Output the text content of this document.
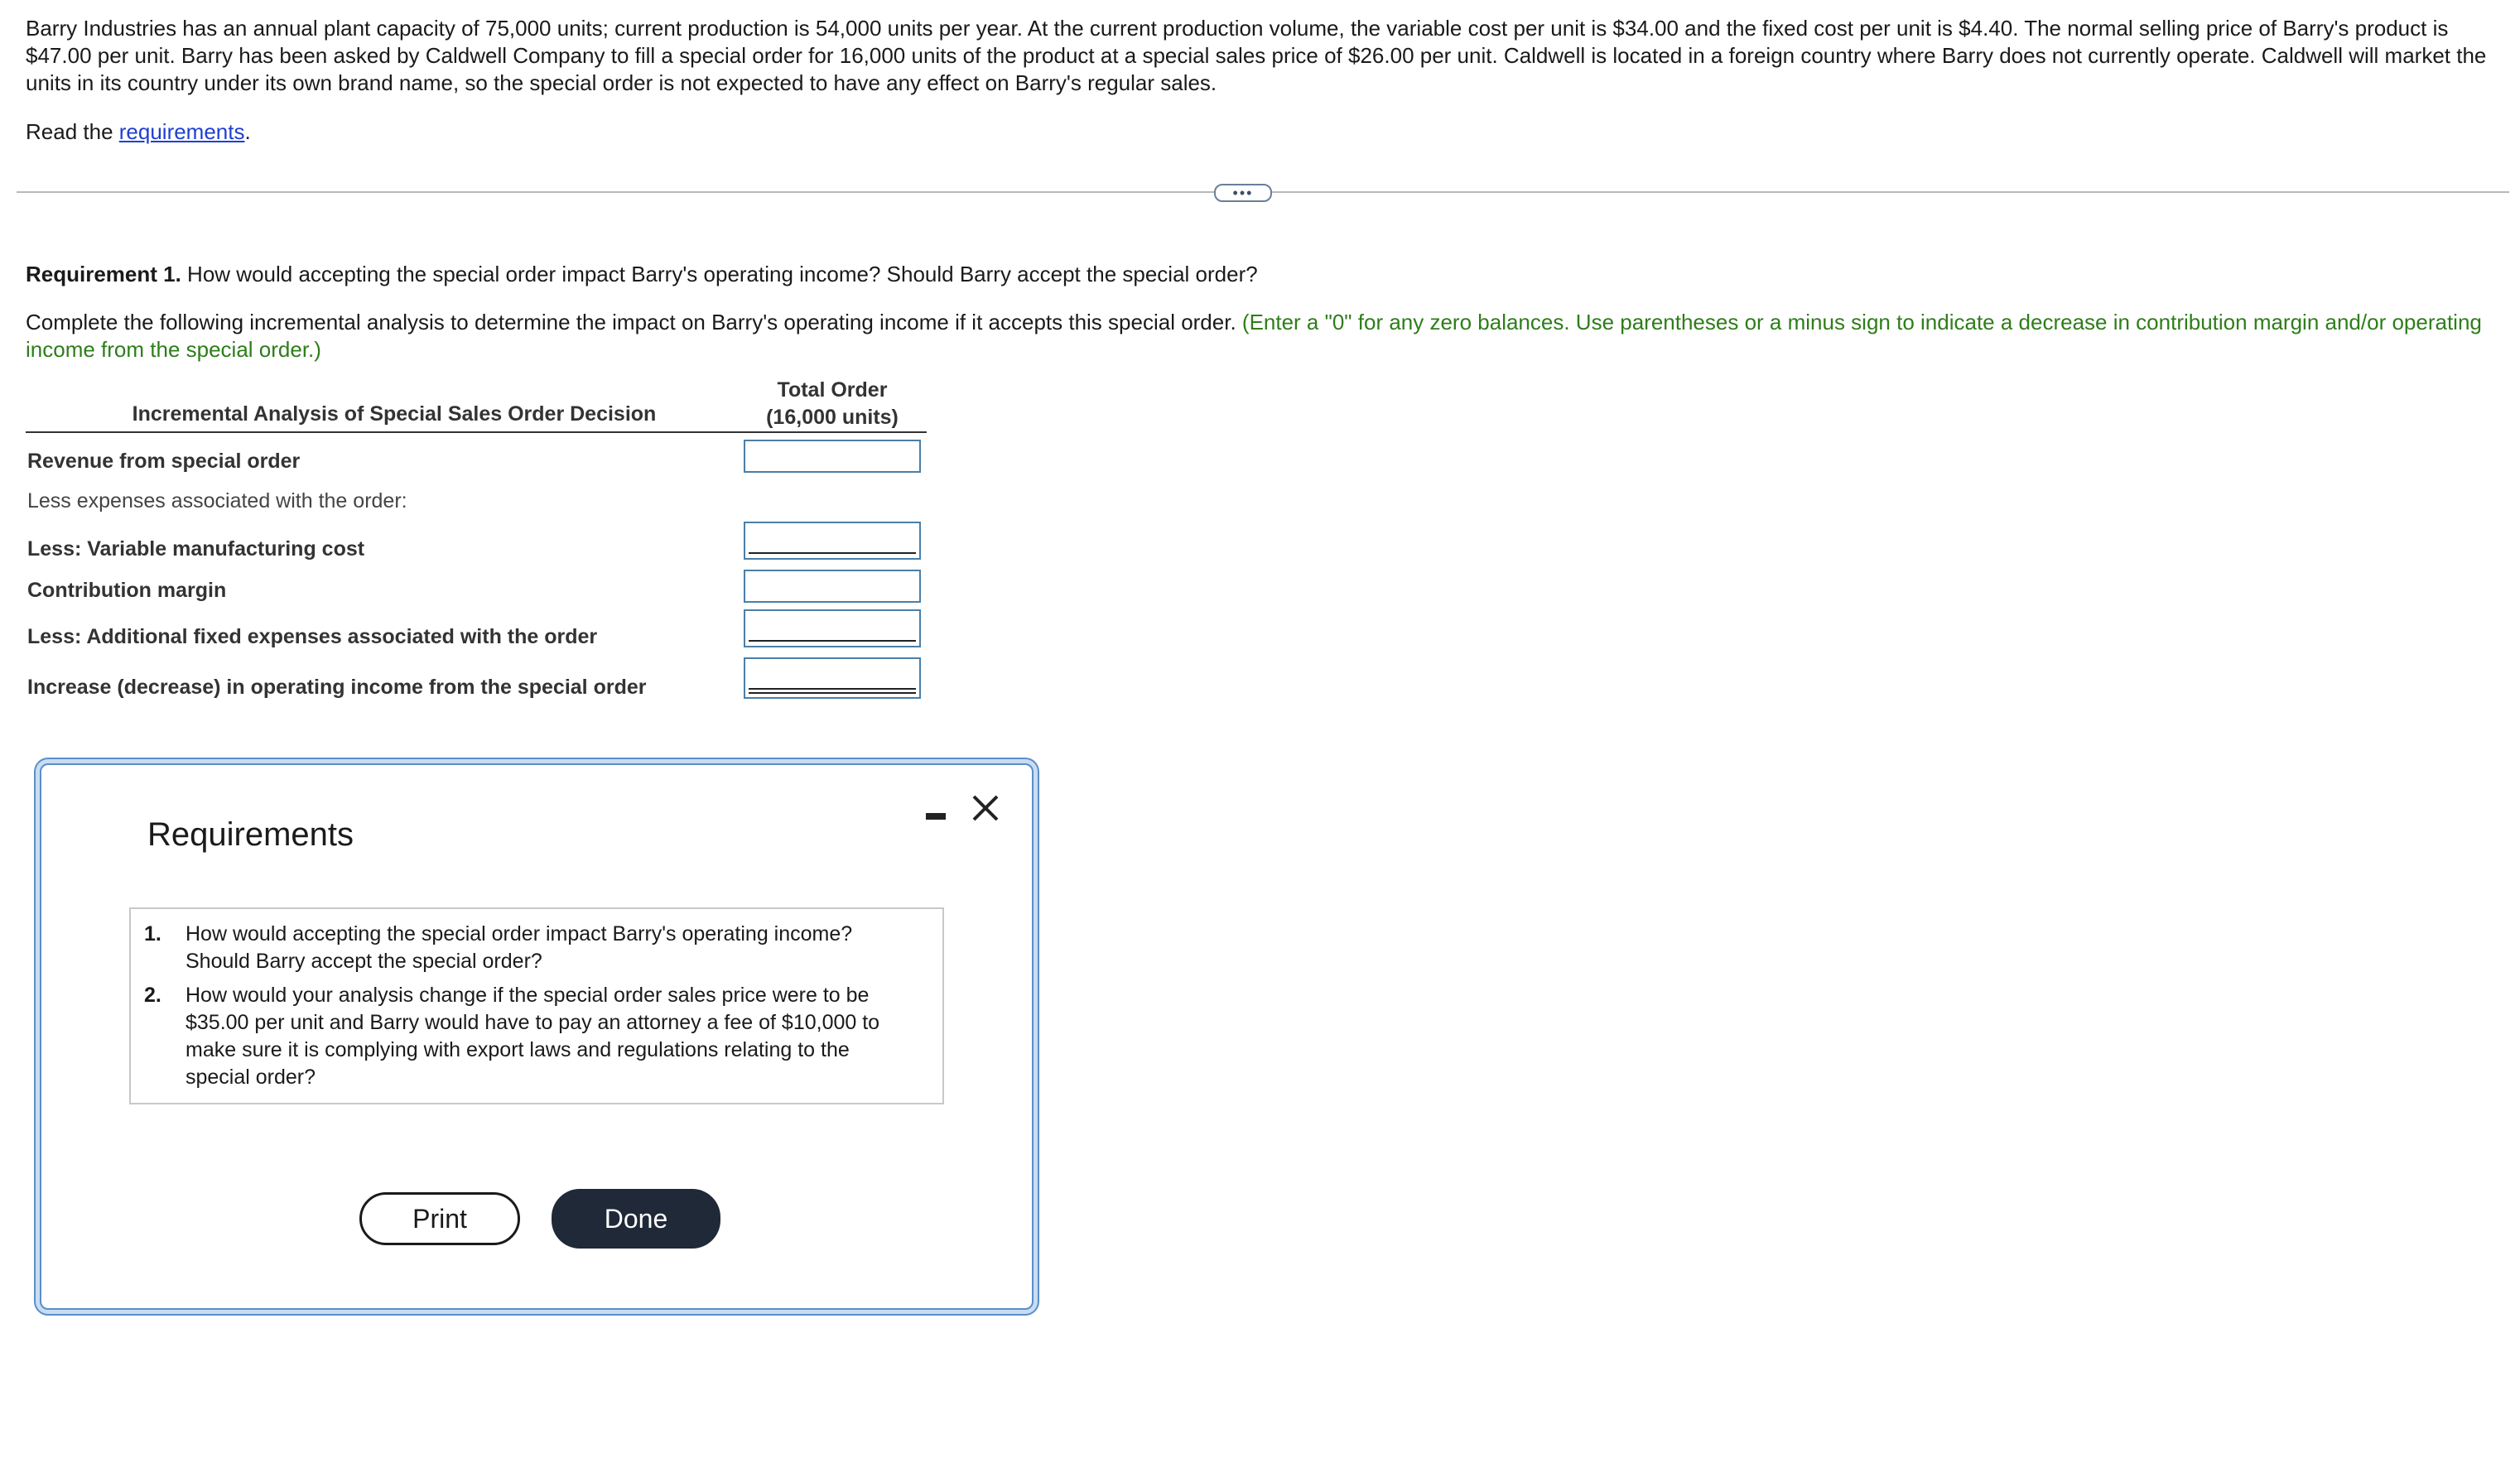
Barry Industries has an annual plant capacity of 75,000 units; current production is 54,000 units per year. At the current production volume, the variable cost per unit is $34.00 and the fixed cost per unit is $4.40. The normal selling price of Barry's product is $47.00 per unit. Barry has been asked by Caldwell Company to fill a special order for 16,000 units of the product at a special sales price of $26.00 per unit. Caldwell is located in a foreign country where Barry does not currently operate. Caldwell will market the units in its country under its own brand name, so the special order is not expected to have any effect on Barry's regular sales.
Read the requirements.
•••
Requirement 1. How would accepting the special order impact Barry's operating income? Should Barry accept the special order?
Complete the following incremental analysis to determine the impact on Barry's operating income if it accepts this special order. (Enter a "0" for any zero balances. Use parentheses or a minus sign to indicate a decrease in contribution margin and/or operating income from the special order.)
Incremental Analysis of Special Sales Order Decision
Total Order
(16,000 units)
Revenue from special order
Less expenses associated with the order:
Less: Variable manufacturing cost
Contribution margin
Less: Additional fixed expenses associated with the order
Increase (decrease) in operating income from the special order
Requirements
1. How would accepting the special order impact Barry's operating income? Should Barry accept the special order?
2. How would your analysis change if the special order sales price were to be $35.00 per unit and Barry would have to pay an attorney a fee of $10,000 to make sure it is complying with export laws and regulations relating to the special order?
Print	Done
